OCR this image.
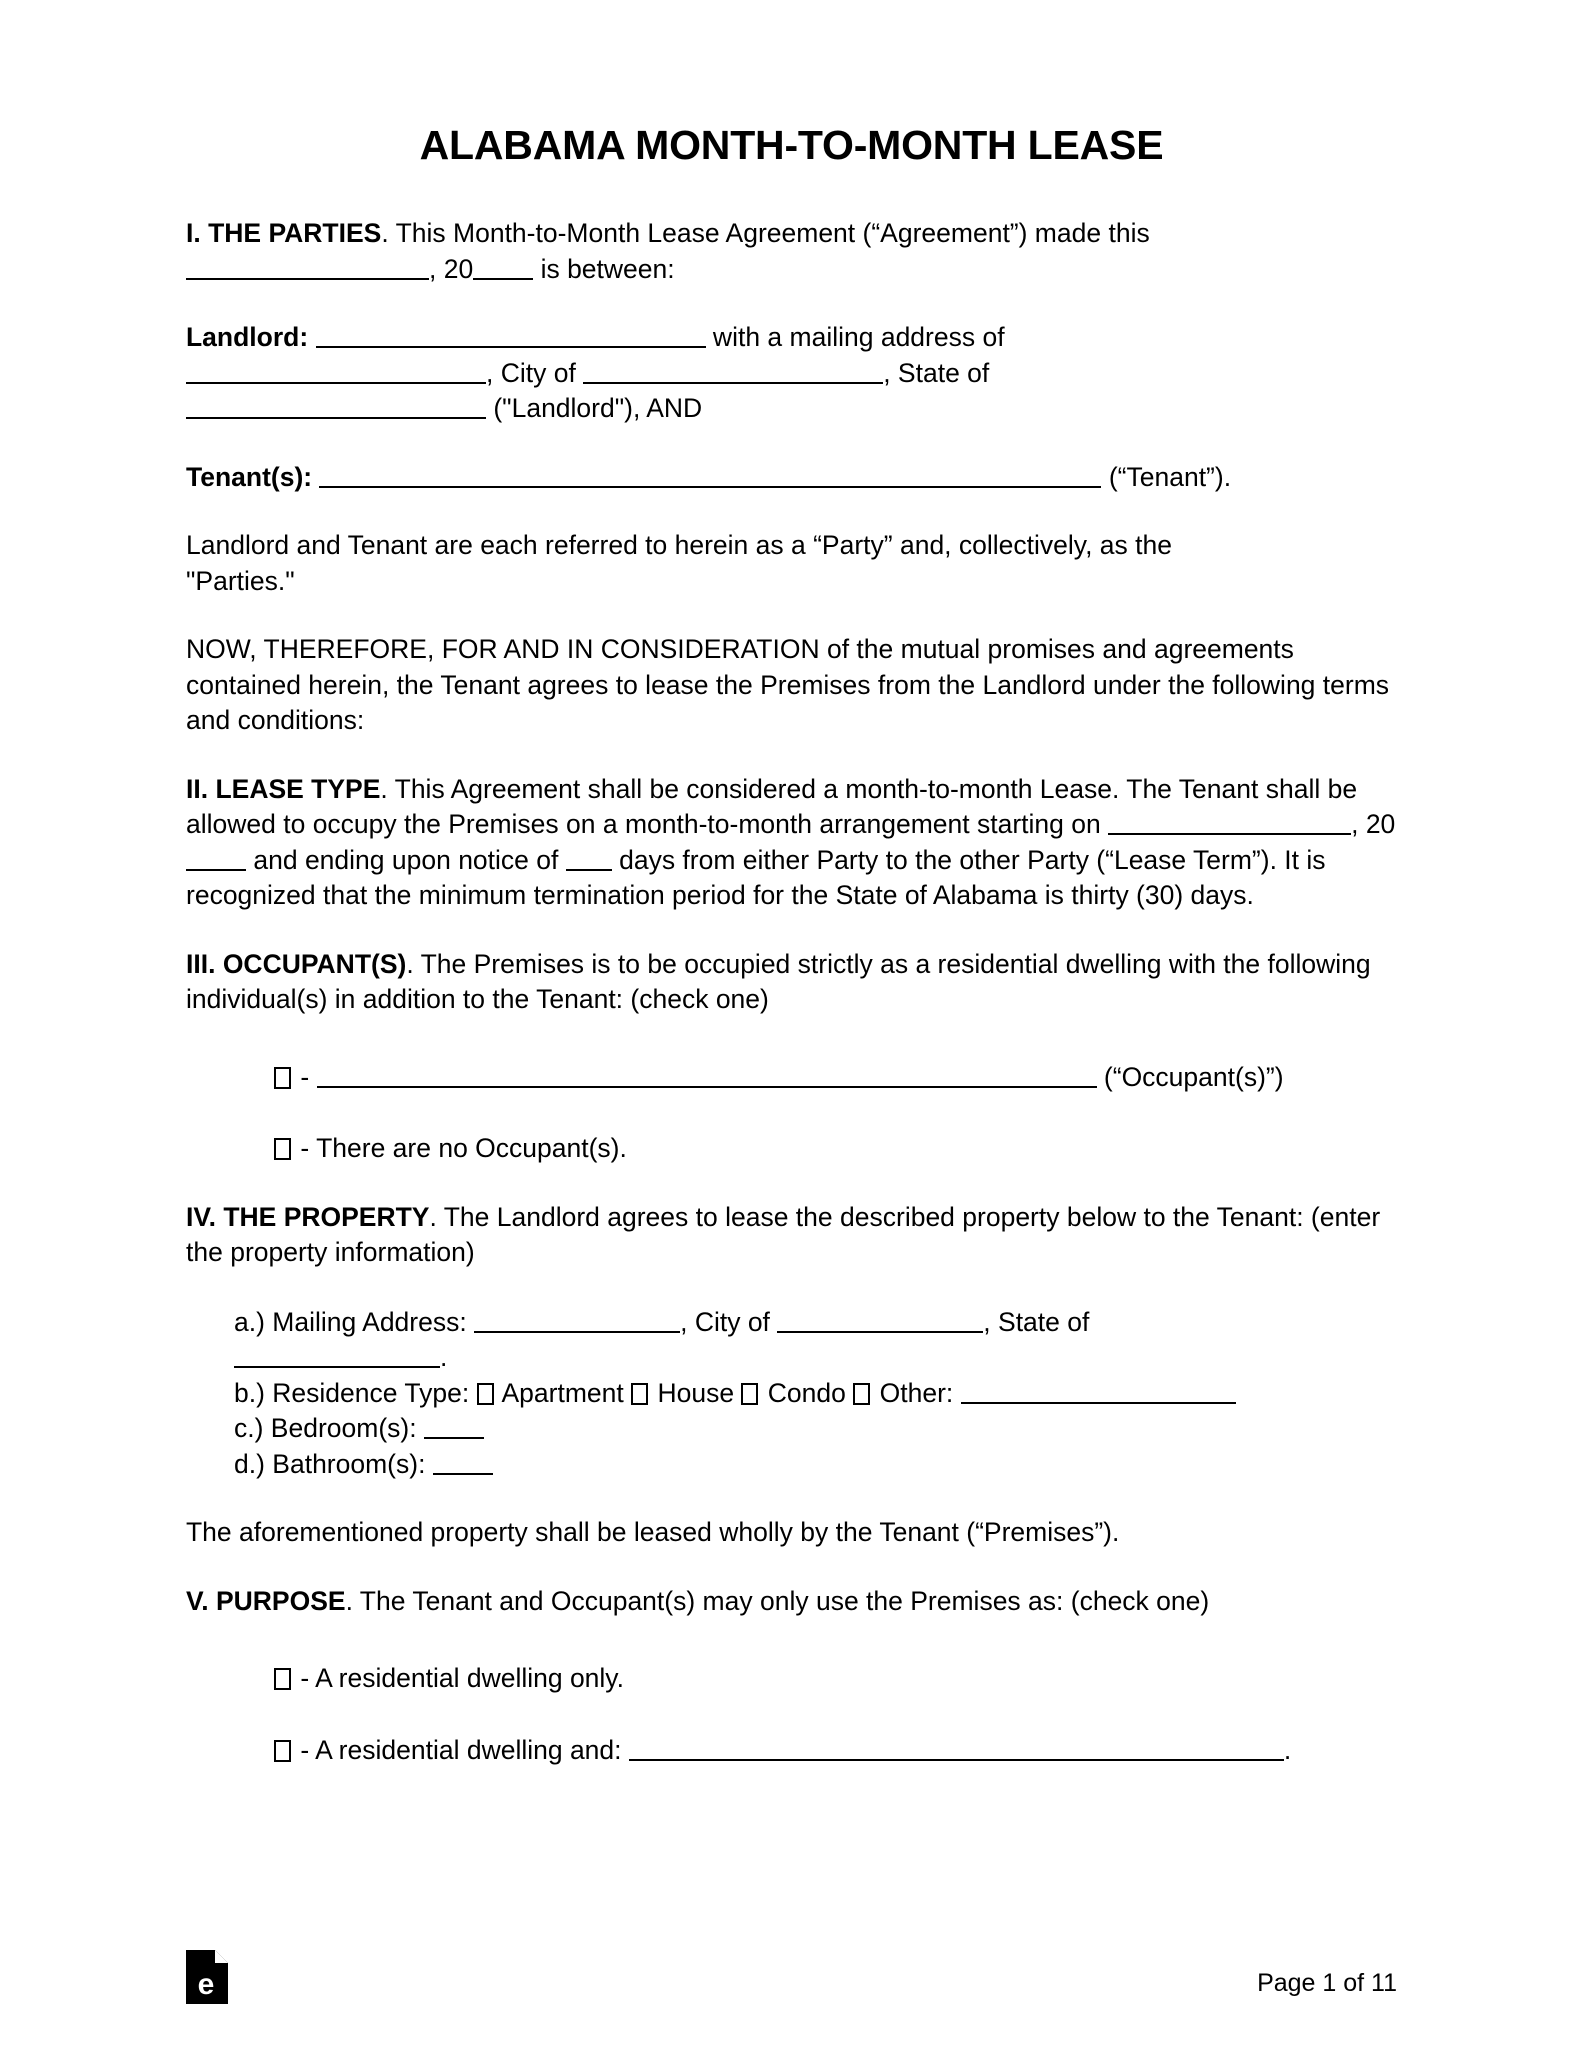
ALABAMA MONTH-TO-MONTH LEASE

I. THE PARTIES. This Month-to-Month Lease Agreement (“Agreement”) made this
, 20 is between:

Landlord:	with a mailing address of
, City of	, State of
("Landlord"), AND

Tenant(s):	(“Tenant”).

Landlord and Tenant are each referred to herein as a “Party” and, collectively, as the
"Parties."

NOW, THEREFORE, FOR AND IN CONSIDERATION of the mutual promises and agreements contained herein, the Tenant agrees to lease the Premises from the Landlord under the following terms and conditions:

II. LEASE TYPE. This Agreement shall be considered a month-to-month Lease. The Tenant shall be allowed to occupy the Premises on a month-to-month arrangement starting on	, 20 and ending upon notice of  days from either Party to the other Party (“Lease Term”). It is recognized that the minimum termination period for the State of Alabama is thirty (30) days.

III. OCCUPANT(S). The Premises is to be occupied strictly as a residential dwelling with the following individual(s) in addition to the Tenant: (check one)

-	(“Occupant(s)”)

- There are no Occupant(s).

IV. THE PROPERTY. The Landlord agrees to lease the described property below to the Tenant: (enter the property information)

a.) Mailing Address:	, City of	, State of
.

b.) Residence Type:  Apartment  House  Condo  Other:

c.) Bedroom(s):

d.) Bathroom(s):

The aforementioned property shall be leased wholly by the Tenant (“Premises”).

V. PURPOSE. The Tenant and Occupant(s) may only use the Premises as: (check one)

- A residential dwelling only.

- A residential dwelling and:	.

e	Page 1 of 11
